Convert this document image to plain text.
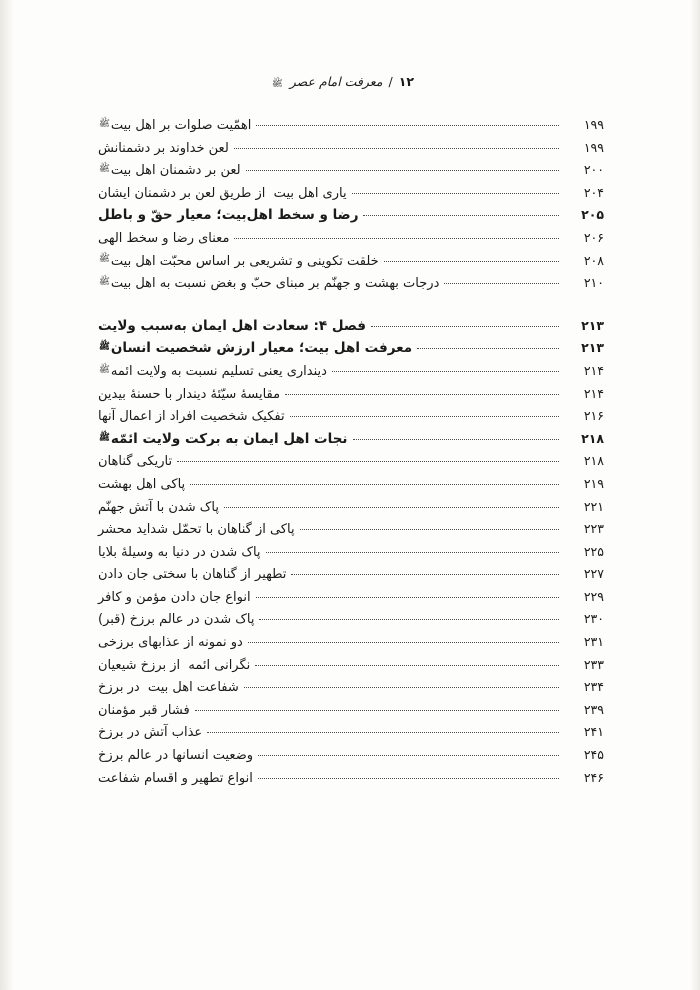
۱۲
/
معرفت امام عصر
ﷺ
۱۹۹
اهمّیت صلوات بر اهل بیتﷺ
۱۹۹
لعن خداوند بر دشمنانش
۲۰۰
لعن بر دشمنان اهل بیتﷺ
۲۰۴
یاری اهل بیت ‌ از طریق لعن بر دشمنان ایشان
۲۰۵
رضا و سخط اهل‌بیت؛ معیار حقّ و باطل
۲۰۶
معنای رضا و سخط الهی
۲۰۸
خلقت تکوینی و تشریعی بر اساس محبّت اهل بیتﷺ
۲۱۰
درجات بهشت و جهنّم بر مبنای حبّ و بغض نسبت به اهل بیتﷺ
۲۱۳
فصل ۴: سعادت اهل ایمان به‌سبب ولایت
۲۱۳
معرفت اهل بیت؛ معیار ارزش شخصیت انسانﷺ
۲۱۴
دینداری یعنی تسلیم نسبت به ولایت ائمهﷺ
۲۱۴
مقایسۀ سیّئۀ دیندار با حسنۀ بیدین
۲۱۶
تفکیک شخصیت افراد از اعمال آنها
۲۱۸
نجات اهل ایمان به برکت ولایت ائمّهﷺ
۲۱۸
تاریکی گناهان
۲۱۹
پاکی اهل بهشت
۲۲۱
پاک شدن با آتش جهنّم
۲۲۳
پاکی از گناهان با تحمّل شداید محشر
۲۲۵
پاک شدن در دنیا به وسیلۀ بلایا
۲۲۷
تطهیر از گناهان با سختی جان دادن
۲۲۹
انواع جان دادن مؤمن و کافر
۲۳۰
پاک شدن در عالم برزخ (قبر)
۲۳۱
دو نمونه از عذابهای برزخی
۲۳۳
نگرانی ائمه ‌ از برزخ شیعیان
۲۳۴
شفاعت اهل بیت ‌ در برزخ
۲۳۹
فشار قبر مؤمنان
۲۴۱
عذاب آتش در برزخ
۲۴۵
وضعیت انسانها در عالم برزخ
۲۴۶
انواع تطهیر و اقسام شفاعت
